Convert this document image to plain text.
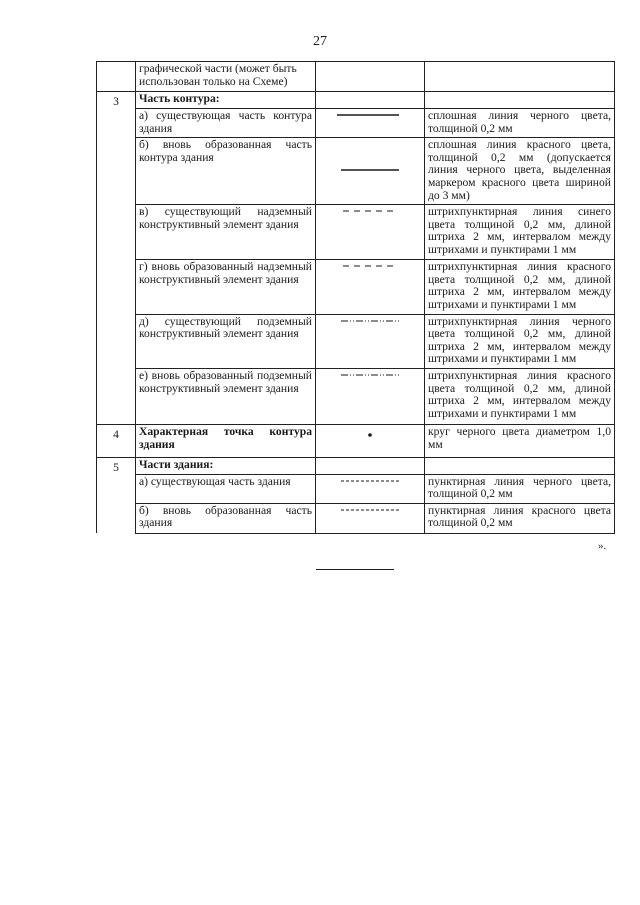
27
	графической части (может быть использован только на Схеме)		
3	Часть контура:		
	а) существующая часть контура здания		сплошная линия черного цвета, толщиной 0,2 мм
	б) вновь образованная часть контура здания		сплошная линия красного цвета, толщиной 0,2 мм (допускается линия черного цвета, выделенная маркером красного цвета шириной до 3 мм)
	в) существующий надземный конструктивный элемент здания		штрихпунктирная линия синего цвета толщиной 0,2 мм, длиной штриха 2 мм, интервалом между штрихами и пунктирами 1 мм
	г) вновь образованный надземный конструктивный элемент здания		штрихпунктирная линия красного цвета толщиной 0,2 мм, длиной штриха 2 мм, интервалом между штрихами и пунктирами 1 мм
	д) существующий подземный конструктивный элемент здания		штрихпунктирная линия черного цвета толщиной 0,2 мм, длиной штриха 2 мм, интервалом между штрихами и пунктирами 1 мм
	е) вновь образованный подземный конструктивный элемент здания		штрихпунктирная линия красного цвета толщиной 0,2 мм, длиной штриха 2 мм, интервалом между штрихами и пунктирами 1 мм
4	Характерная точка контура здания		круг черного цвета диаметром 1,0 мм
5	Части здания:		
	а) существующая часть здания		пунктирная линия черного цвета, толщиной 0,2 мм
	б) вновь образованная часть здания		пунктирная линия красного цвета толщиной 0,2 мм
».
